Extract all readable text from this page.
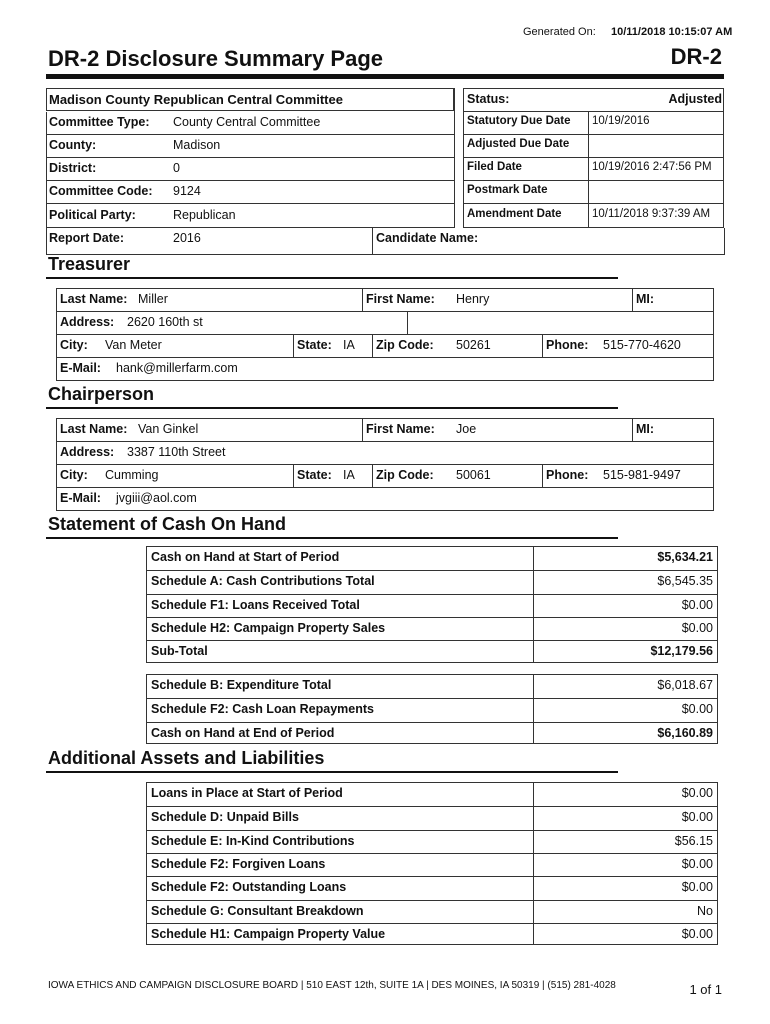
Generated On: 10/11/2018 10:15:07 AM
DR-2 Disclosure Summary Page	DR-2
Madison County Republican Central Committee
Committee Type: County Central Committee
County:	Madison
District:	0
Committee Code: 9124
Political Party:	Republican
Report Date:	2016	Candidate Name:
Status:	Adjusted
Statutory Due Date 10/19/2016
Adjusted Due Date
Filed Date	10/19/2016 2:47:56 PM
Postmark Date
Amendment Date	10/11/2018 9:37:39 AM
Treasurer
Last Name: Miller	First Name: Henry	MI:
Address: 2620 160th st
City: Van Meter	State: IA Zip Code: 50261	Phone: 515-770-4620
E-Mail: hank@millerfarm.com
Chairperson
Last Name: Van Ginkel	First Name: Joe	MI:
Address: 3387 110th Street
City: Cumming	State: IA Zip Code: 50061	Phone: 515-981-9497
E-Mail: jvgiii@aol.com
Statement of Cash On Hand
Cash on Hand at Start of Period	$5,634.21
Schedule A: Cash Contributions Total	$6,545.35
Schedule F1: Loans Received Total	$0.00
Schedule H2: Campaign Property Sales	$0.00
Sub-Total	$12,179.56
Schedule B: Expenditure Total	$6,018.67
Schedule F2: Cash Loan Repayments	$0.00
Cash on Hand at End of Period	$6,160.89
Additional Assets and Liabilities
Loans in Place at Start of Period	$0.00
Schedule D: Unpaid Bills	$0.00
Schedule E: In-Kind Contributions	$56.15
Schedule F2: Forgiven Loans	$0.00
Schedule F2: Outstanding Loans	$0.00
Schedule G: Consultant Breakdown	No
Schedule H1: Campaign Property Value	$0.00
IOWA ETHICS AND CAMPAIGN DISCLOSURE BOARD | 510 EAST 12th, SUITE 1A | DES MOINES, IA 50319 | (515) 281-4028	1 of 1
